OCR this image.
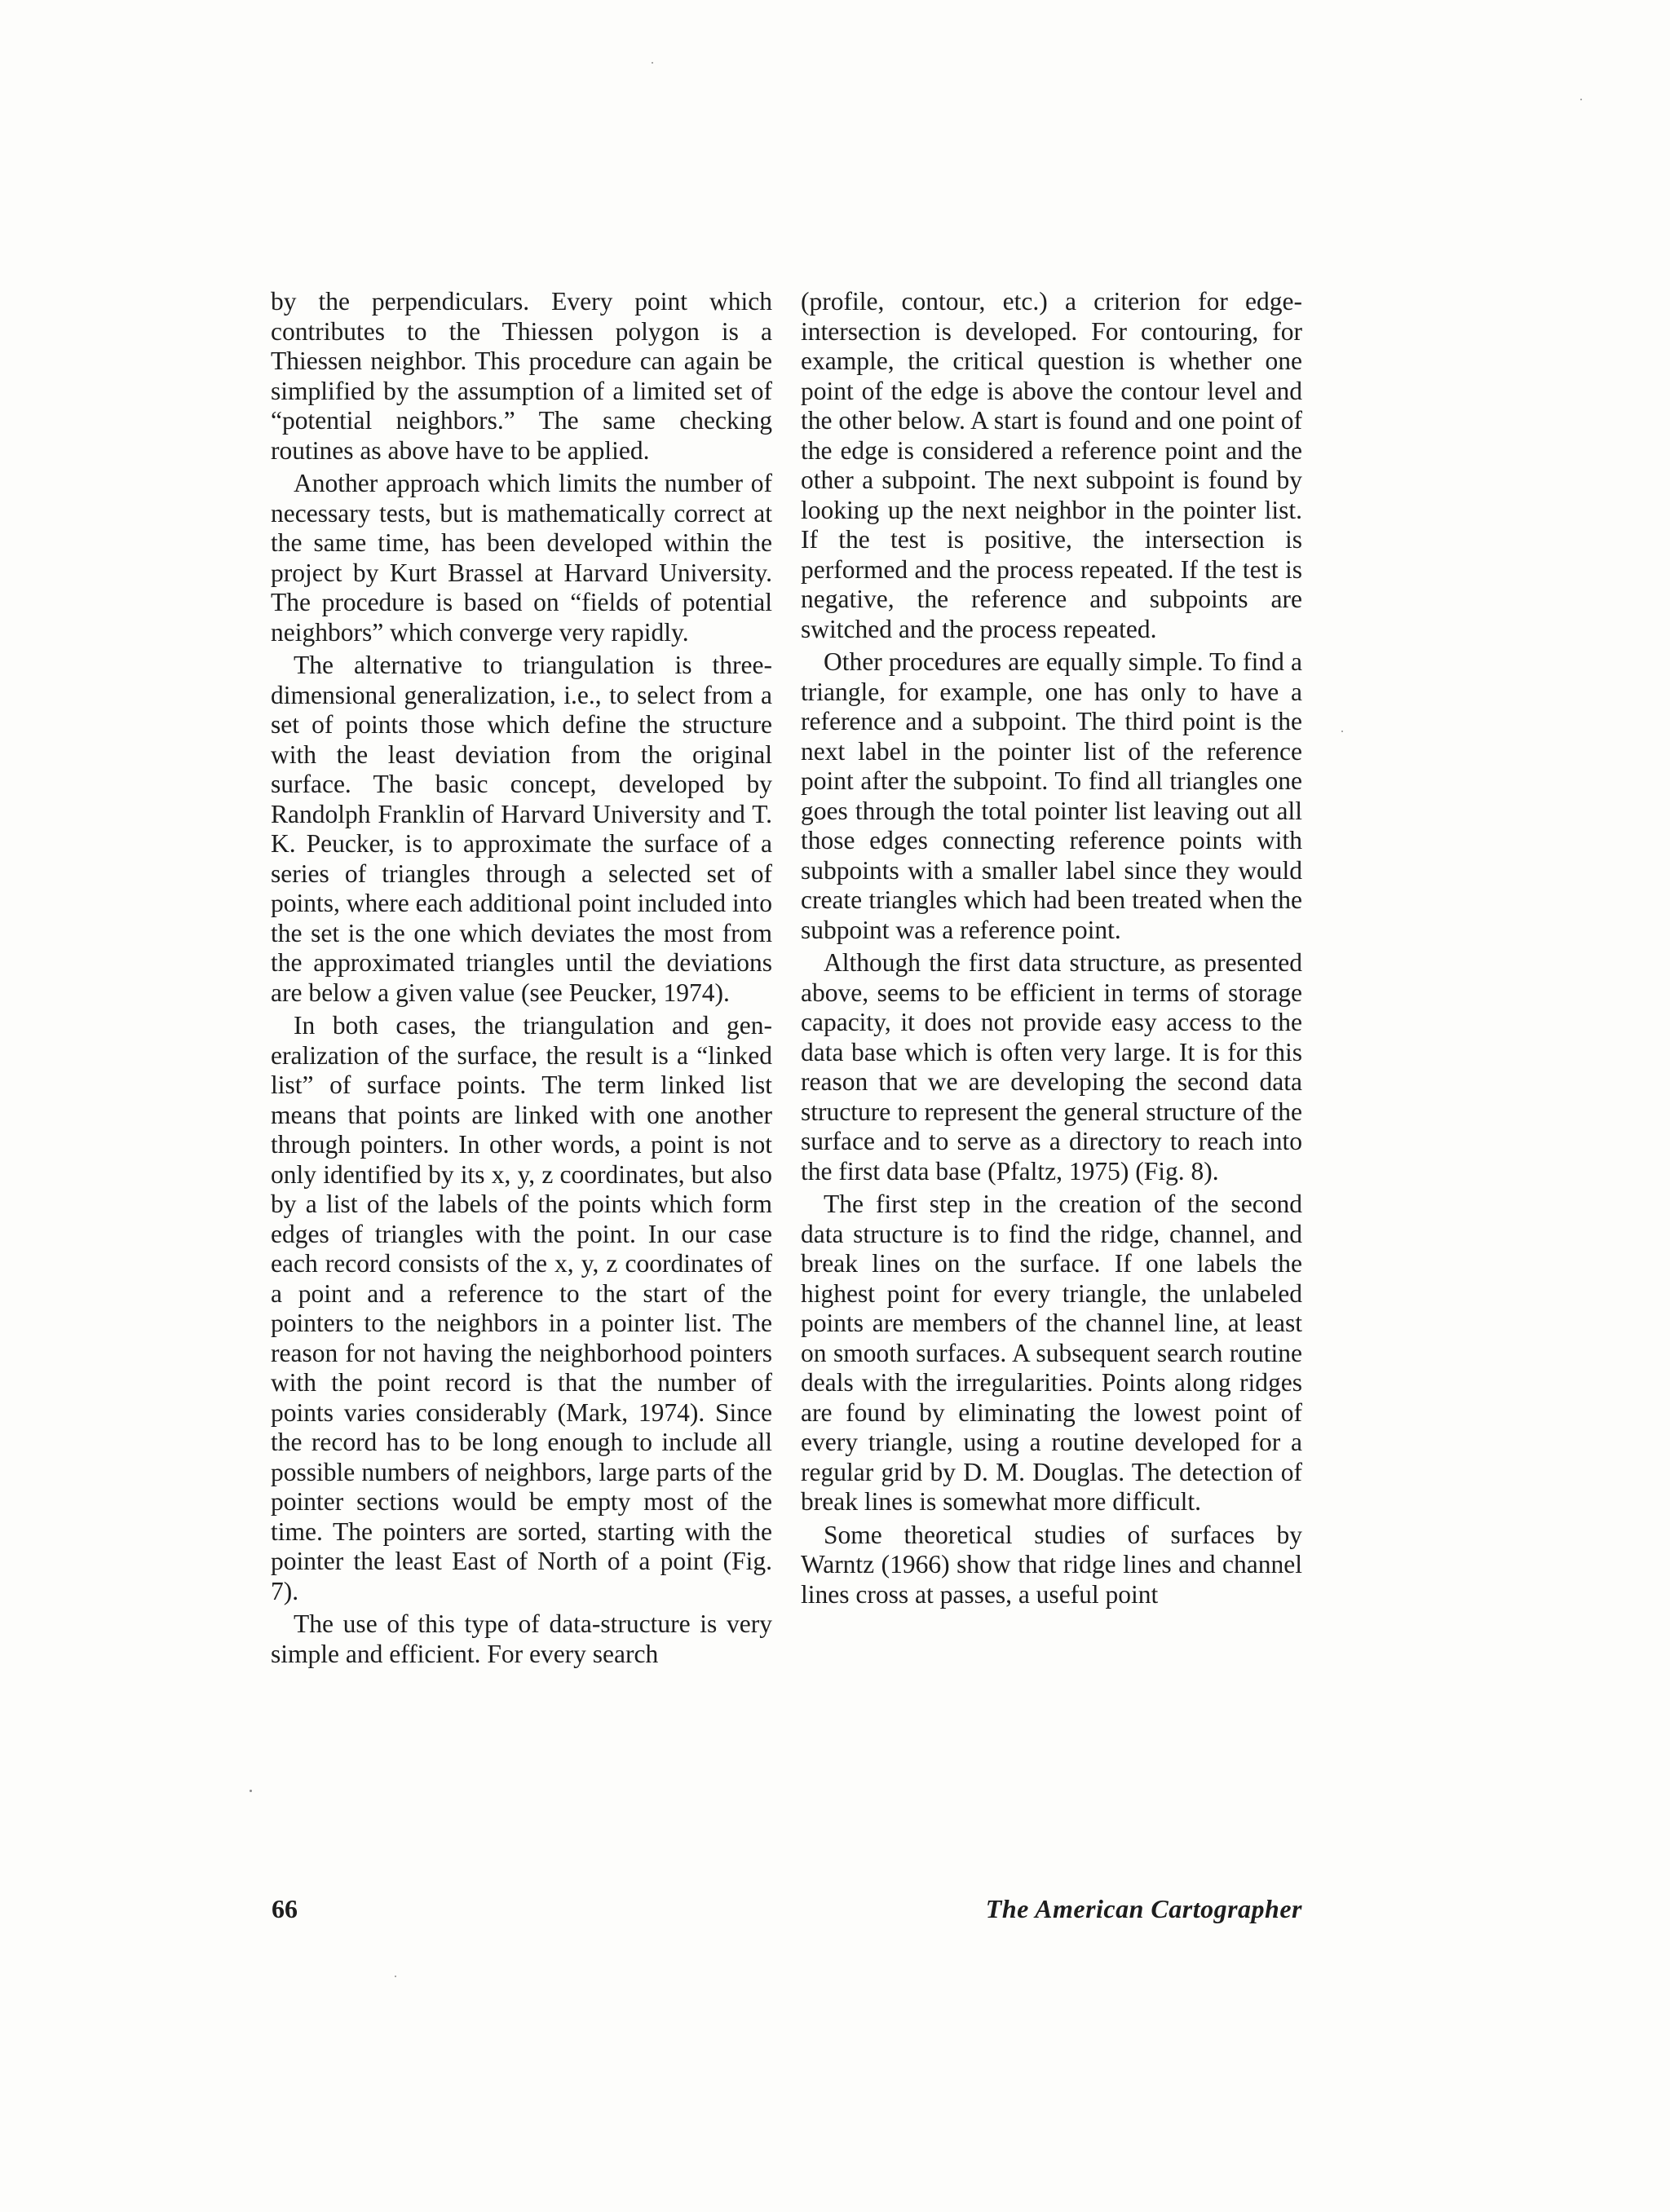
by the perpendiculars. Every point which contributes to the Thiessen polygon is a Thiessen neighbor. This procedure can again be simplified by the assumption of a limited set of “potential neighbors.” The same checking routines as above have to be applied.

Another approach which limits the number of necessary tests, but is mathematically correct at the same time, has been developed within the project by Kurt Brassel at Harvard University. The procedure is based on “fields of potential neighbors” which converge very rapidly.

The alternative to triangulation is three-dimensional generalization, i.e., to select from a set of points those which define the structure with the least deviation from the original surface. The basic concept, developed by Randolph Franklin of Harvard University and T. K. Peucker, is to approximate the surface of a series of triangles through a selected set of points, where each additional point included into the set is the one which deviates the most from the approximated triangles until the deviations are below a given value (see Peucker, 1974).

In both cases, the triangulation and generalization of the surface, the result is a “linked list” of surface points. The term linked list means that points are linked with one another through pointers. In other words, a point is not only identified by its x, y, z coordinates, but also by a list of the labels of the points which form edges of triangles with the point. In our case each record consists of the x, y, z coordinates of a point and a reference to the start of the pointers to the neighbors in a pointer list. The reason for not having the neighborhood pointers with the point record is that the number of points varies considerably (Mark, 1974). Since the record has to be long enough to include all possible numbers of neighbors, large parts of the pointer sections would be empty most of the time. The pointers are sorted, starting with the pointer the least East of North of a point (Fig. 7).

The use of this type of data-structure is very simple and efficient. For every search

(profile, contour, etc.) a criterion for edge-intersection is developed. For contouring, for example, the critical question is whether one point of the edge is above the contour level and the other below. A start is found and one point of the edge is considered a reference point and the other a subpoint. The next subpoint is found by looking up the next neighbor in the pointer list. If the test is positive, the intersection is performed and the process repeated. If the test is negative, the reference and subpoints are switched and the process repeated.

Other procedures are equally simple. To find a triangle, for example, one has only to have a reference and a subpoint. The third point is the next label in the pointer list of the reference point after the subpoint. To find all triangles one goes through the total pointer list leaving out all those edges connecting reference points with subpoints with a smaller label since they would create triangles which had been treated when the subpoint was a reference point.

Although the first data structure, as presented above, seems to be efficient in terms of storage capacity, it does not provide easy access to the data base which is often very large. It is for this reason that we are developing the second data structure to represent the general structure of the surface and to serve as a directory to reach into the first data base (Pfaltz, 1975) (Fig. 8).

The first step in the creation of the second data structure is to find the ridge, channel, and break lines on the surface. If one labels the highest point for every triangle, the unlabeled points are members of the channel line, at least on smooth surfaces. A subsequent search routine deals with the irregularities. Points along ridges are found by eliminating the lowest point of every triangle, using a routine developed for a regular grid by D. M. Douglas. The detection of break lines is somewhat more difficult.

Some theoretical studies of surfaces by Warntz (1966) show that ridge lines and channel lines cross at passes, a useful point

66	The American Cartographer
